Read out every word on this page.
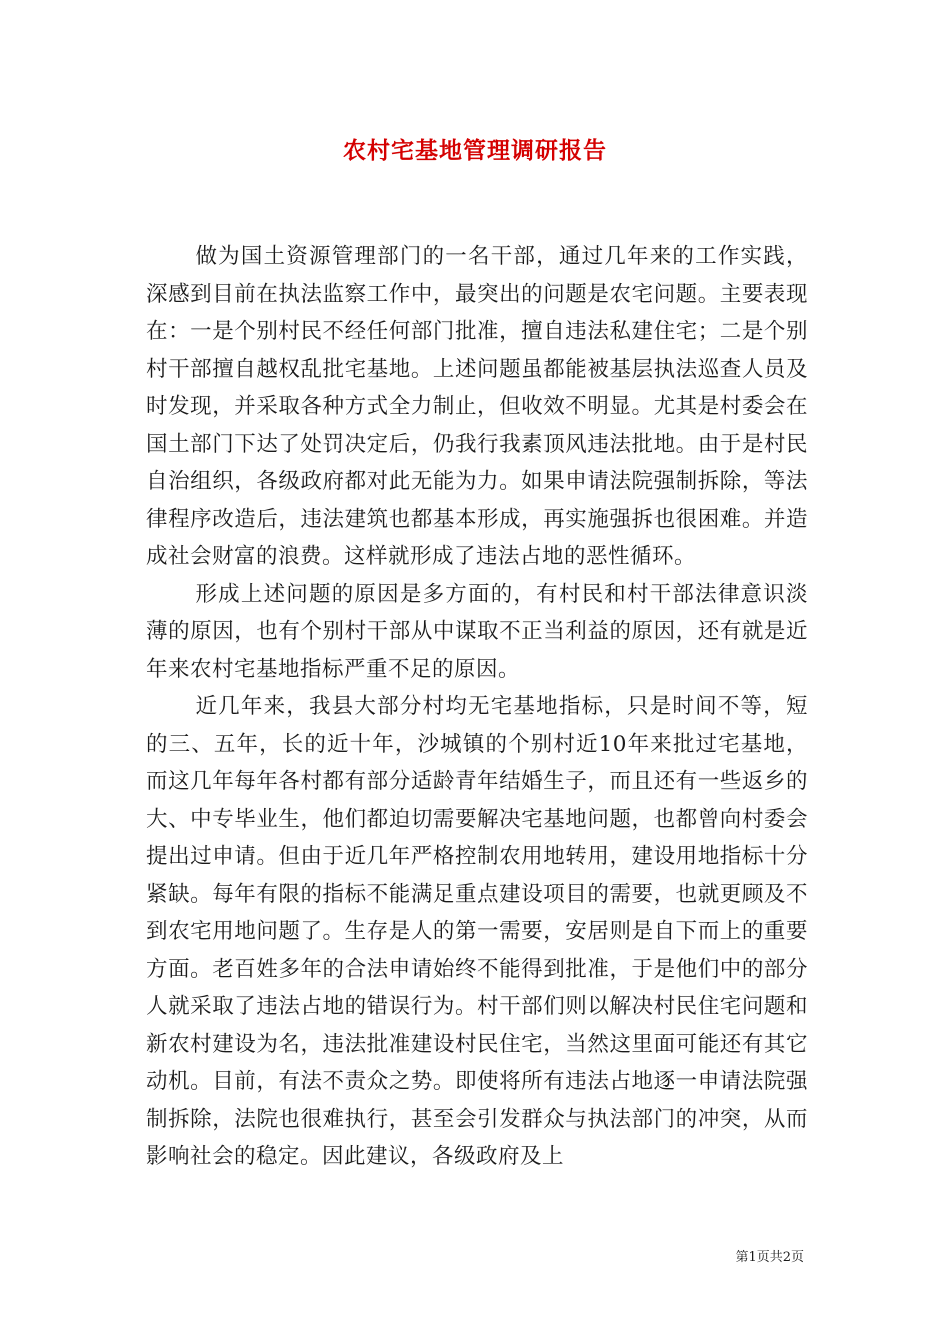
农村宅基地管理调研报告

做为国土资源管理部门的一名干部，通过几年来的工作实践，深感到目前在执法监察工作中，最突出的问题是农宅问题。主要表现在：一是个别村民不经任何部门批准，擅自违法私建住宅；二是个别村干部擅自越权乱批宅基地。上述问题虽都能被基层执法巡查人员及时发现，并采取各种方式全力制止，但收效不明显。尤其是村委会在国土部门下达了处罚决定后，仍我行我素顶风违法批地。由于是村民自治组织，各级政府都对此无能为力。如果申请法院强制拆除，等法律程序改造后，违法建筑也都基本形成，再实施强拆也很困难。并造成社会财富的浪费。这样就形成了违法占地的恶性循环。

形成上述问题的原因是多方面的，有村民和村干部法律意识淡薄的原因，也有个别村干部从中谋取不正当利益的原因，还有就是近年来农村宅基地指标严重不足的原因。

近几年来，我县大部分村均无宅基地指标，只是时间不等，短的三、五年，长的近十年，沙城镇的个别村近10年来批过宅基地，而这几年每年各村都有部分适龄青年结婚生子，而且还有一些返乡的大、中专毕业生，他们都迫切需要解决宅基地问题，也都曾向村委会提出过申请。但由于近几年严格控制农用地转用，建设用地指标十分紧缺。每年有限的指标不能满足重点建设项目的需要，也就更顾及不到农宅用地问题了。生存是人的第一需要，安居则是自下而上的重要方面。老百姓多年的合法申请始终不能得到批准，于是他们中的部分人就采取了违法占地的错误行为。村干部们则以解决村民住宅问题和新农村建设为名，违法批准建设村民住宅，当然这里面可能还有其它动机。目前，有法不责众之势。即使将所有违法占地逐一申请法院强制拆除，法院也很难执行，甚至会引发群众与执法部门的冲突，从而影响社会的稳定。因此建议，各级政府及上

第1页共2页
